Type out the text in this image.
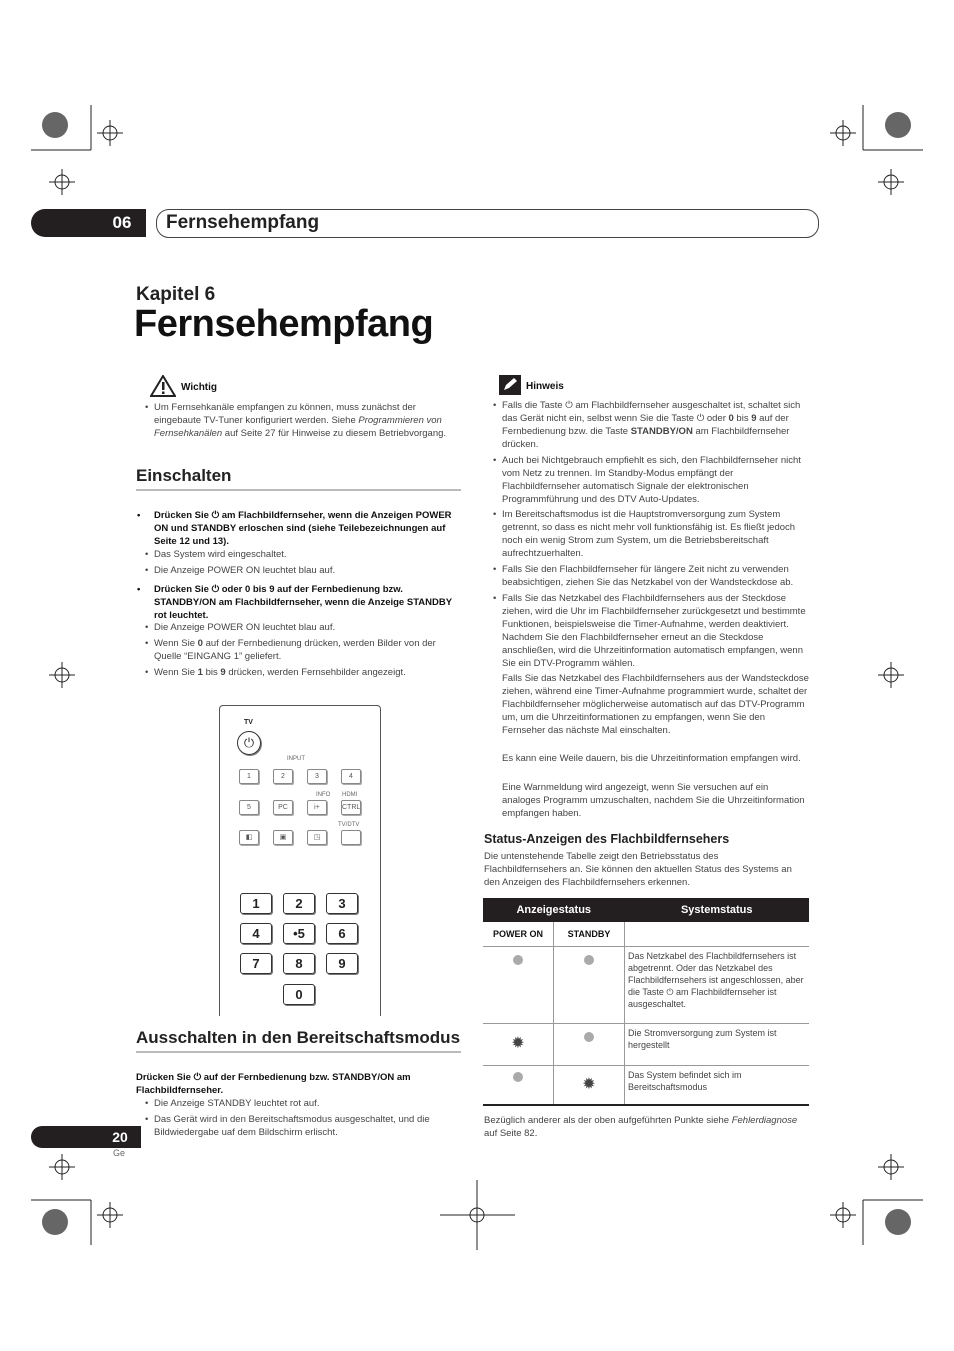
06	Fernsehempfang
Kapitel 6
Fernsehempfang
Wichtig
• Um Fernsehkanäle empfangen zu können, muss zunächst der eingebaute TV-Tuner konfiguriert werden. Siehe Programmieren von Fernsehkanälen auf Seite 27 für Hinweise zu diesem Betriebvorgang.
Einschalten
• Drücken Sie ⏻ am Flachbildfernseher, wenn die Anzeigen POWER ON und STANDBY erloschen sind (siehe Teilebezeichnungen auf Seite 12 und 13).
• Das System wird eingeschaltet.
• Die Anzeige POWER ON leuchtet blau auf.
• Drücken Sie ⏻ oder 0 bis 9 auf der Fernbedienung bzw. STANDBY/ON am Flachbildfernseher, wenn die Anzeige STANDBY rot leuchtet.
• Die Anzeige POWER ON leuchtet blau auf.
• Wenn Sie 0 auf der Fernbedienung drücken, werden Bilder von der Quelle “EINGANG 1” geliefert.
• Wenn Sie 1 bis 9 drücken, werden Fernsehbilder angezeigt.
TV
⏻
INPUT
1	2	3	4
INFO HDMI
5	PC	i+	CTRL
TV/DTV
◧	▣	◳
1	2	3
4	•5	6
7	8	9
0
Ausschalten in den Bereitschaftsmodus
Drücken Sie ⏻ auf der Fernbedienung bzw. STANDBY/ON am Flachbildfernseher.
• Die Anzeige STANDBY leuchtet rot auf.
• Das Gerät wird in den Bereitschaftsmodus ausgeschaltet, und die Bildwiedergabe uaf dem Bildschirm erlischt.
Hinweis
• Falls die Taste ⏻ am Flachbildfernseher ausgeschaltet ist, schaltet sich das Gerät nicht ein, selbst wenn Sie die Taste ⏻ oder 0 bis 9 auf der Fernbedienung bzw. die Taste STANDBY/ON am Flachbildfernseher drücken.
• Auch bei Nichtgebrauch empfiehlt es sich, den Flachbildfernseher nicht vom Netz zu trennen. Im Standby-Modus empfängt der Flachbildfernseher automatisch Signale der elektronischen Programmführung und des DTV Auto-Updates.
• Im Bereitschaftsmodus ist die Hauptstromversorgung zum System getrennt, so dass es nicht mehr voll funktionsfähig ist. Es fließt jedoch noch ein wenig Strom zum System, um die Betriebsbereitschaft aufrechtzuerhalten.
• Falls Sie den Flachbildfernseher für längere Zeit nicht zu verwenden beabsichtigen, ziehen Sie das Netzkabel von der Wandsteckdose ab.
• Falls Sie das Netzkabel des Flachbildfernsehers aus der Steckdose ziehen, wird die Uhr im Flachbildfernseher zurückgesetzt und bestimmte Funktionen, beispielsweise die Timer-Aufnahme, werden deaktiviert. Nachdem Sie den Flachbildfernseher erneut an die Steckdose anschließen, wird die Uhrzeitinformation automatisch empfangen, wenn Sie ein DTV-Programm wählen.
Falls Sie das Netzkabel des Flachbildfernsehers aus der Wandsteckdose ziehen, während eine Timer-Aufnahme programmiert wurde, schaltet der Flachbildfernseher möglicherweise automatisch auf das DTV-Programm um, um die Uhrzeitinformationen zu empfangen, wenn Sie den Fernseher das nächste Mal einschalten.
Es kann eine Weile dauern, bis die Uhrzeitinformation empfangen wird.
Eine Warnmeldung wird angezeigt, wenn Sie versuchen auf ein analoges Programm umzuschalten, nachdem Sie die Uhrzeitinformation empfangen haben.
Status-Anzeigen des Flachbildfernsehers
Die untenstehende Tabelle zeigt den Betriebsstatus des Flachbildfernsehers an. Sie können den aktuellen Status des Systems an den Anzeigen des Flachbildfernsehers erkennen.
Anzeigestatus		Systemstatus
POWER ON	STANDBY	
		Das Netzkabel des Flachbildfernsehers ist abgetrennt. Oder das Netzkabel des Flachbildfernsehers ist angeschlossen, aber die Taste ⏻ am Flachbildfernseher ist ausgeschaltet.
✹		Die Stromversorgung zum System ist hergestellt
	✹	Das System befindet sich im Bereitschaftsmodus
Bezüglich anderer als der oben aufgeführten Punkte siehe Fehlerdiagnose auf Seite 82.
20
Ge
